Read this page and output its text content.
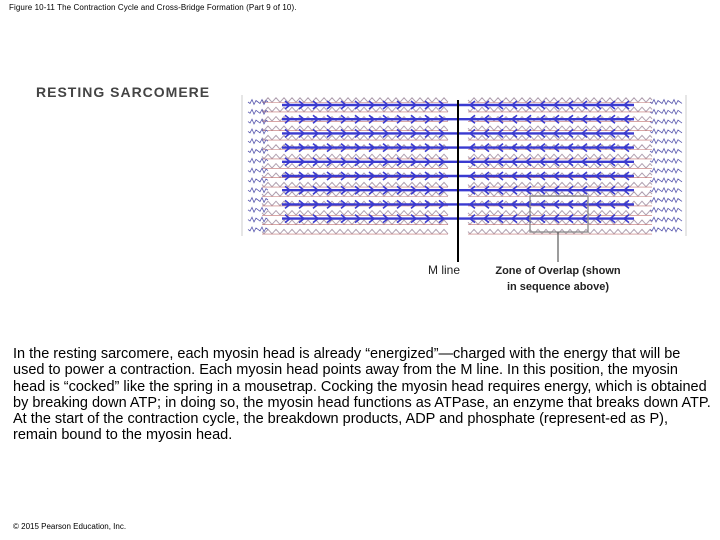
Figure 10-11 The Contraction Cycle and Cross-Bridge Formation (Part 9 of 10).
RESTING SARCOMERE
M line	Zone of Overlap (shown in sequence above)
In the resting sarcomere, each myosin head is already “energized”—charged with the energy that will be used to power a contraction. Each myosin head points away from the M line. In this position, the myosin head is “cocked” like the spring in a mousetrap. Cocking the myosin head requires energy, which is obtained by breaking down ATP; in doing so, the myosin head functions as ATPase, an enzyme that breaks down ATP. At the start of the contraction cycle, the breakdown products, ADP and phosphate (represent-ed as P), remain bound to the myosin head.
© 2015 Pearson Education, Inc.
